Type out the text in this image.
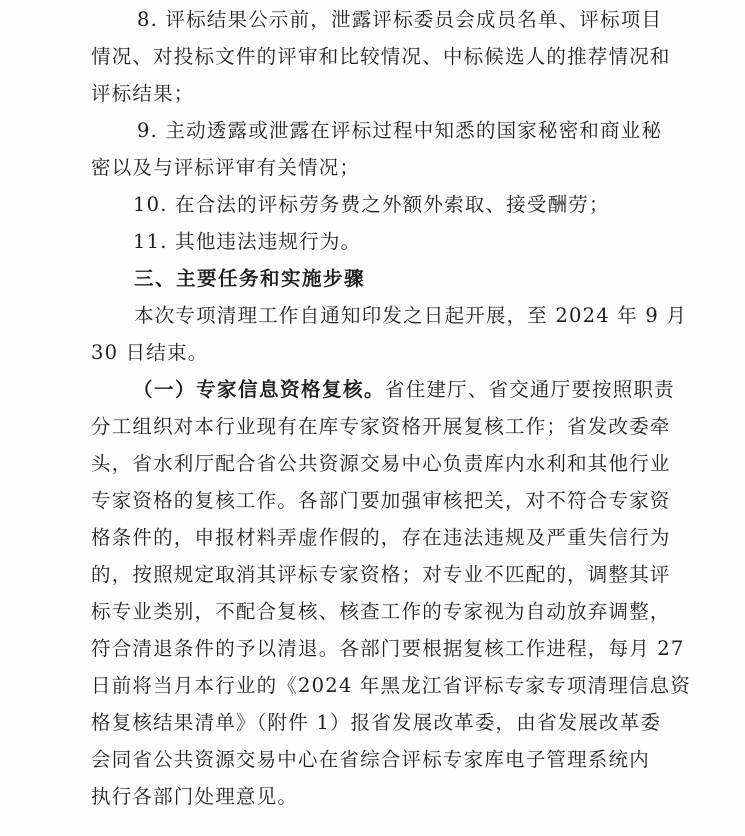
8. 评标结果公示前，泄露评标委员会成员名单、评标项目
情况、对投标文件的评审和比较情况、中标候选人的推荐情况和
评标结果；
9. 主动透露或泄露在评标过程中知悉的国家秘密和商业秘
密以及与评标评审有关情况；
10. 在合法的评标劳务费之外额外索取、接受酬劳；
11. 其他违法违规行为。
三、主要任务和实施步骤
本次专项清理工作自通知印发之日起开展，至 2024 年 9 月
30 日结束。
（一）专家信息资格复核。省住建厅、省交通厅要按照职责
分工组织对本行业现有在库专家资格开展复核工作；省发改委牵
头，省水利厅配合省公共资源交易中心负责库内水利和其他行业
专家资格的复核工作。各部门要加强审核把关，对不符合专家资
格条件的，申报材料弄虚作假的，存在违法违规及严重失信行为
的，按照规定取消其评标专家资格；对专业不匹配的，调整其评
标专业类别，不配合复核、核查工作的专家视为自动放弃调整，
符合清退条件的予以清退。各部门要根据复核工作进程，每月 27
日前将当月本行业的《2024 年黑龙江省评标专家专项清理信息资
格复核结果清单》（附件 1）报省发展改革委，由省发展改革委
会同省公共资源交易中心在省综合评标专家库电子管理系统内
执行各部门处理意见。
